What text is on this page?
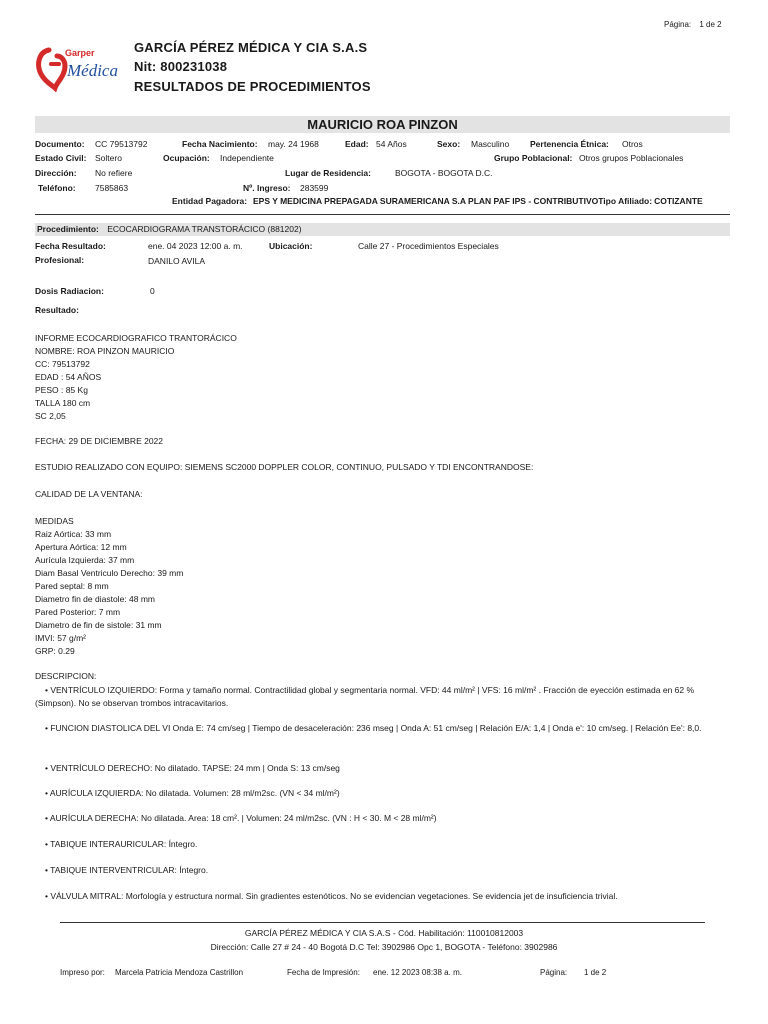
Página: 1 de 2
Garper
Médica
GARCÍA PÉREZ MÉDICA Y CIA S.A.S
Nit: 800231038
RESULTADOS DE PROCEDIMIENTOS
MAURICIO ROA PINZON
Documento: CC 79513792	Fecha Nacimiento: may. 24 1968	Edad: 54 Años	Sexo: Masculino Pertenencia Étnica: Otros
Estado Civil: Soltero	Ocupación: Independiente	Grupo Poblacional: Otros grupos Poblacionales
Dirección: No refiere	Lugar de Residencia:	BOGOTA - BOGOTA D.C.
Teléfono: 7585863	Nº. Ingreso: 283599
Entidad Pagadora: EPS Y MEDICINA PREPAGADA SURAMERICANA S.A PLAN PAF IPS - CONTRIBUTIVOTipo Afiliado: COTIZANTE
Procedimiento: ECOCARDIOGRAMA TRANSTORÁCICO (881202)
Fecha Resultado:	ene. 04 2023 12:00 a. m.	Ubicación:	Calle 27 - Procedimientos Especiales
Profesional:	DANILO AVILA
Dosis Radiacion:	0
Resultado:
INFORME ECOCARDIOGRAFICO TRANTORÁCICO
NOMBRE: ROA PINZON MAURICIO
CC: 79513792
EDAD : 54 AÑOS
PESO : 85 Kg
TALLA 180 cm
SC 2,05
FECHA: 29 DE DICIEMBRE 2022
ESTUDIO REALIZADO CON EQUIPO: SIEMENS SC2000 DOPPLER COLOR, CONTINUO, PULSADO Y TDI ENCONTRANDOSE:
CALIDAD DE LA VENTANA:
MEDIDAS
Raiz Aórtica: 33 mm
Apertura Aórtica: 12 mm
Aurícula Izquierda: 37 mm
Diam Basal Ventriculo Derecho: 39 mm
Pared septal: 8 mm
Diametro fin de diastole: 48 mm
Pared Posterior: 7 mm
Diametro de fin de sistole: 31 mm
IMVI: 57 g/m²
GRP: 0.29
DESCRIPCION:
• VENTRÍCULO IZQUIERDO: Forma y tamaño normal. Contractilidad global y segmentaria normal. VFD: 44 ml/m² | VFS: 16 ml/m² . Fracción de eyección estimada en 62 % (Simpson). No se observan trombos intracavitarios.
• FUNCION DIASTOLICA DEL VI Onda E: 74 cm/seg | Tiempo de desaceleración: 236 mseg | Onda A: 51 cm/seg | Relación E/A: 1,4 | Onda e': 10 cm/seg. | Relación Ee': 8,0.
• VENTRÍCULO DERECHO: No dilatado. TAPSE: 24 mm | Onda S: 13 cm/seg
• AURÍCULA IZQUIERDA: No dilatada. Volumen: 28 ml/m2sc. (VN < 34 ml/m²)
• AURÍCULA DERECHA: No dilatada. Area: 18 cm². | Volumen: 24 ml/m2sc. (VN : H < 30. M < 28 ml/m²)
• TABIQUE INTERAURICULAR: Íntegro.
• TABIQUE INTERVENTRICULAR: Íntegro.
• VÁLVULA MITRAL: Morfología y estructura normal. Sin gradientes estenóticos. No se evidencian vegetaciones. Se evidencia jet de insuficiencia trivial.
GARCÍA PÉREZ MÉDICA Y CIA S.A.S - Cód. Habilitación: 110010812003
Dirección: Calle 27 # 24 - 40 Bogotá D.C Tel: 3902986 Opc 1, BOGOTA - Teléfono: 3902986
Impreso por: Marcela Patricia Mendoza Castrillon	Fecha de Impresión: ene. 12 2023 08:38 a. m.	Página: 1 de 2
